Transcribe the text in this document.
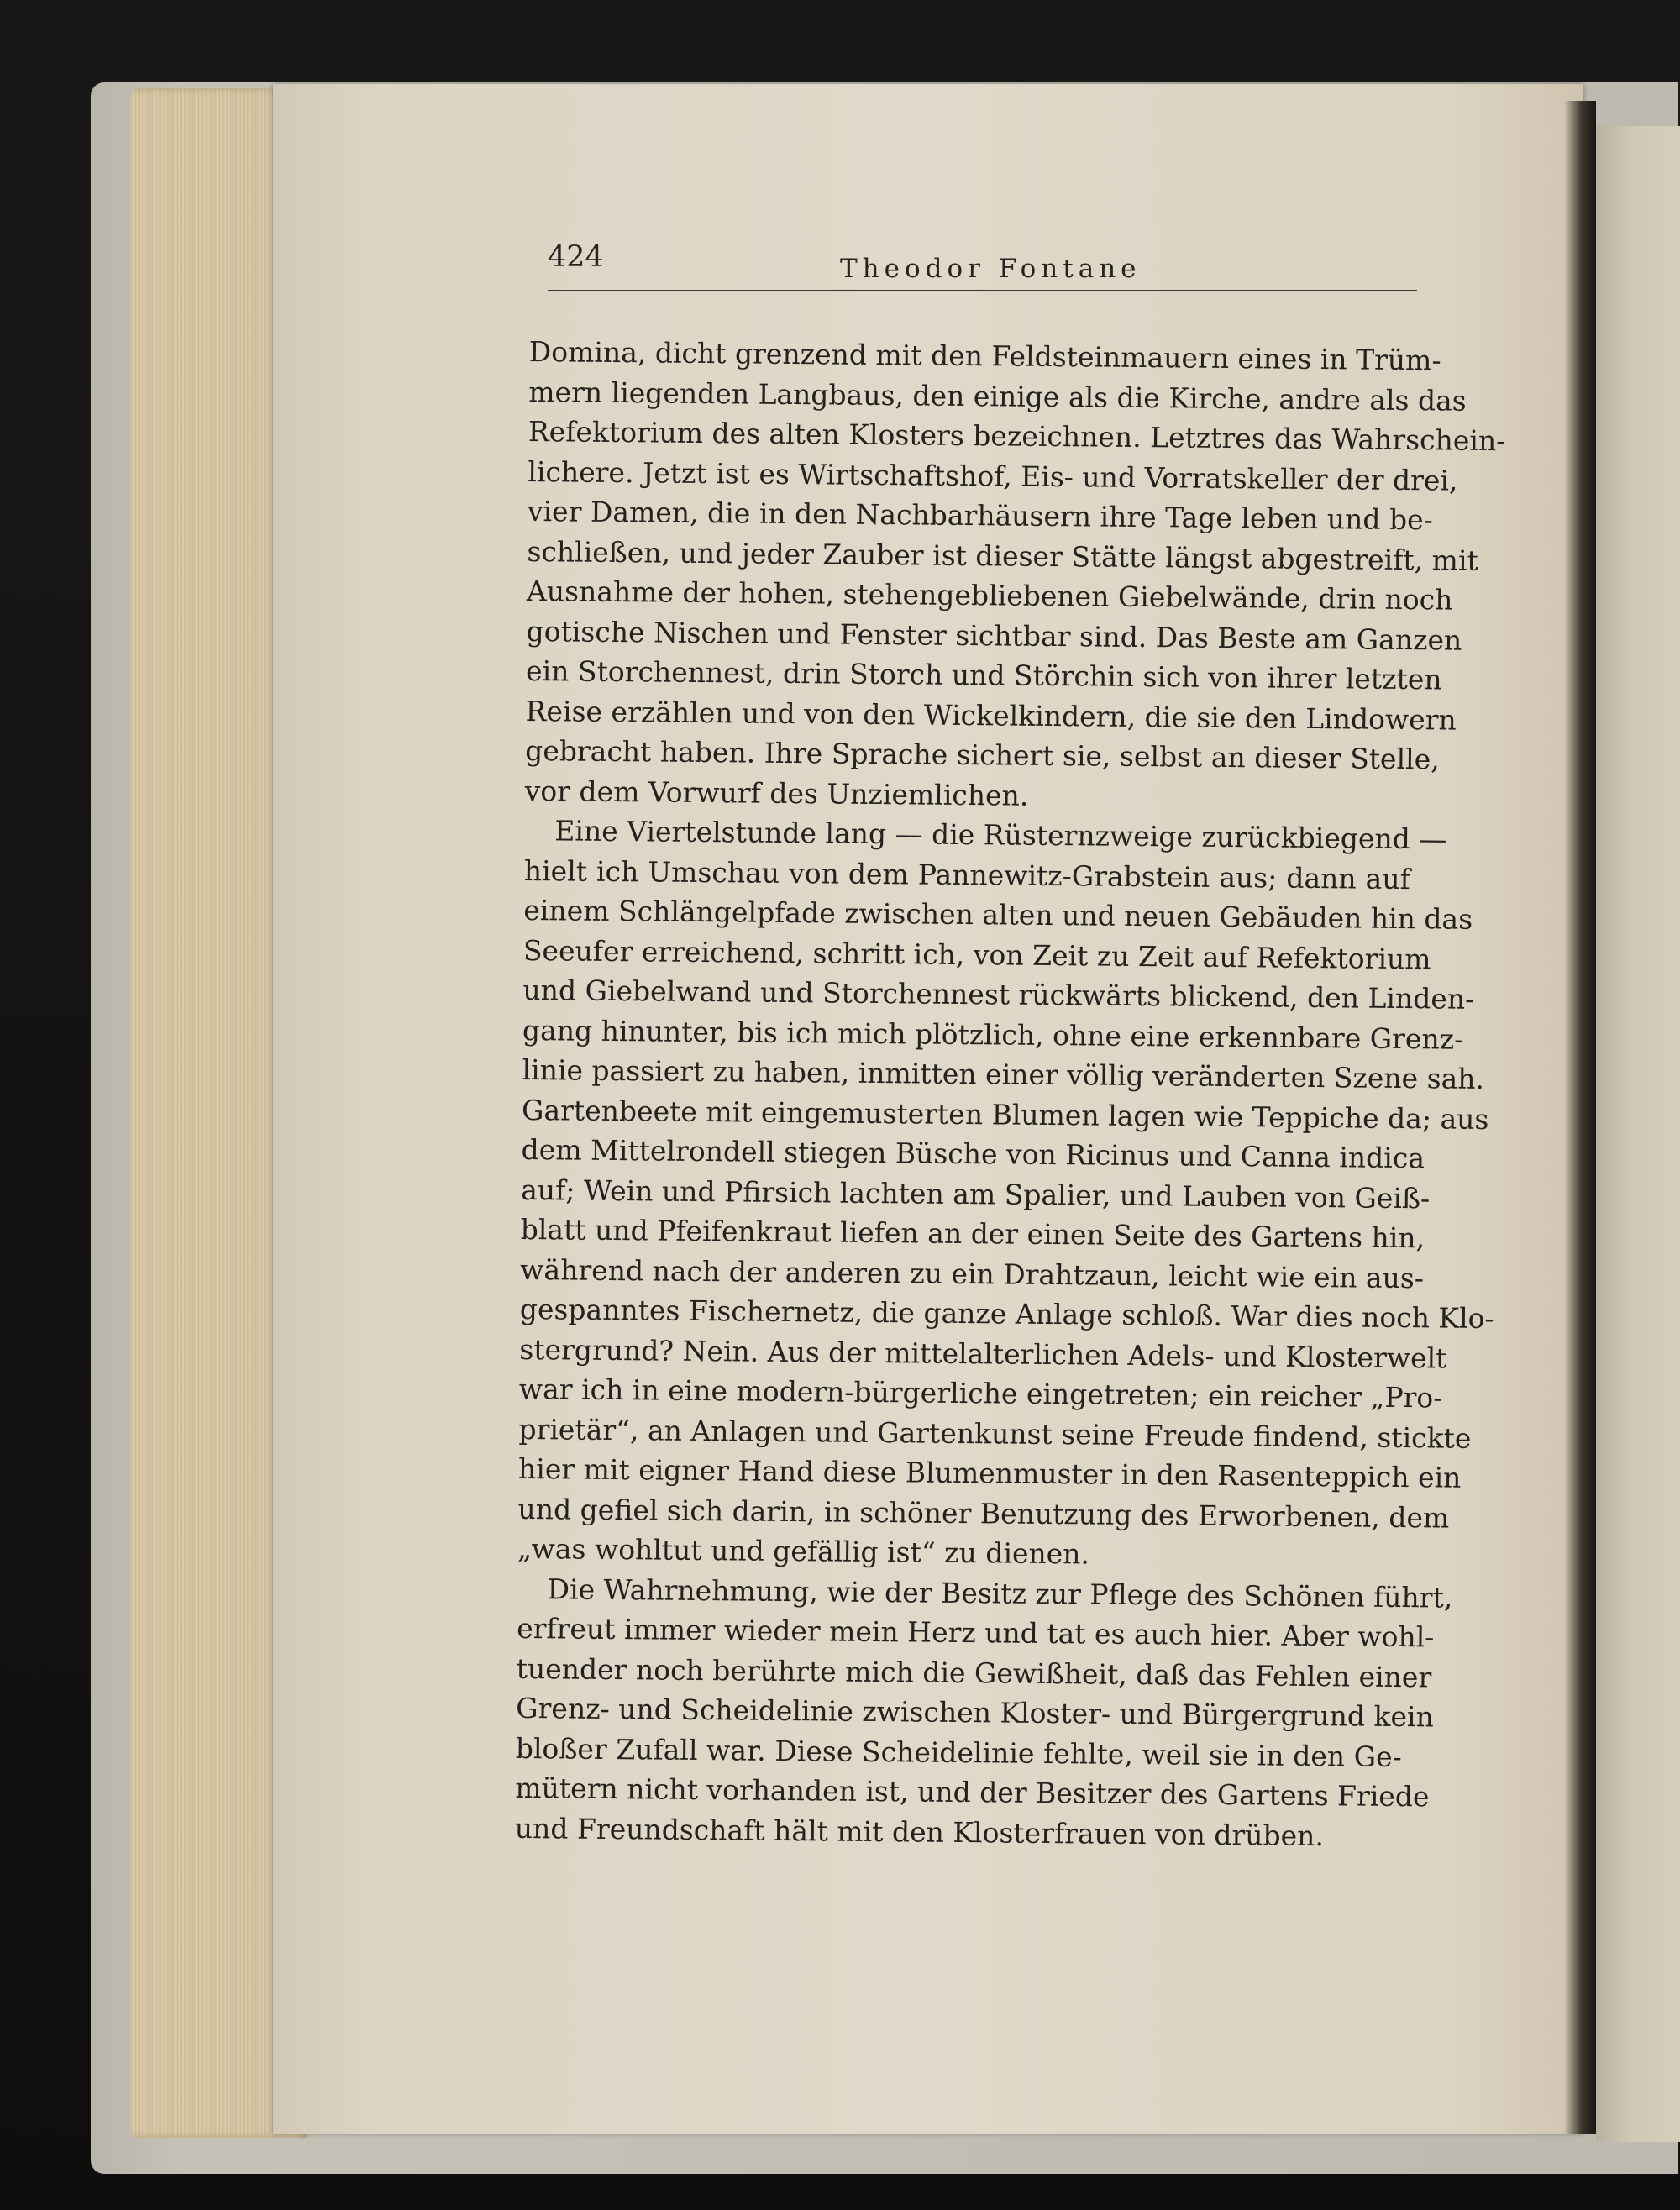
424	Theodor Fontane

Domina, dicht grenzend mit den Feldsteinmauern eines in Trüm-

mern liegenden Langbaus, den einige als die Kirche, andre als das

Refektorium des alten Klosters bezeichnen. Letztres das Wahrschein-

lichere. Jetzt ist es Wirtschaftshof, Eis- und Vorratskeller der drei,

vier Damen, die in den Nachbarhäusern ihre Tage leben und be-

schließen, und jeder Zauber ist dieser Stätte längst abgestreift, mit

Ausnahme der hohen, stehengebliebenen Giebelwände, drin noch

gotische Nischen und Fenster sichtbar sind. Das Beste am Ganzen

ein Storchennest, drin Storch und Störchin sich von ihrer letzten

Reise erzählen und von den Wickelkindern, die sie den Lindowern

gebracht haben. Ihre Sprache sichert sie, selbst an dieser Stelle,

vor dem Vorwurf des Unziemlichen.

Eine Viertelstunde lang — die Rüsternzweige zurückbiegend —

hielt ich Umschau von dem Pannewitz-Grabstein aus; dann auf

einem Schlängelpfade zwischen alten und neuen Gebäuden hin das

Seeufer erreichend, schritt ich, von Zeit zu Zeit auf Refektorium

und Giebelwand und Storchennest rückwärts blickend, den Linden-

gang hinunter, bis ich mich plötzlich, ohne eine erkennbare Grenz-

linie passiert zu haben, inmitten einer völlig veränderten Szene sah.

Gartenbeete mit eingemusterten Blumen lagen wie Teppiche da; aus

dem Mittelrondell stiegen Büsche von Ricinus und Canna indica

auf; Wein und Pfirsich lachten am Spalier, und Lauben von Geiß-

blatt und Pfeifenkraut liefen an der einen Seite des Gartens hin,

während nach der anderen zu ein Drahtzaun, leicht wie ein aus-

gespanntes Fischernetz, die ganze Anlage schloß. War dies noch Klo-

stergrund? Nein. Aus der mittelalterlichen Adels- und Klosterwelt

war ich in eine modern-bürgerliche eingetreten; ein reicher „Pro-

prietär“, an Anlagen und Gartenkunst seine Freude findend, stickte

hier mit eigner Hand diese Blumenmuster in den Rasenteppich ein

und gefiel sich darin, in schöner Benutzung des Erworbenen, dem

„was wohltut und gefällig ist“ zu dienen.

Die Wahrnehmung, wie der Besitz zur Pflege des Schönen führt,

erfreut immer wieder mein Herz und tat es auch hier. Aber wohl-

tuender noch berührte mich die Gewißheit, daß das Fehlen einer

Grenz- und Scheidelinie zwischen Kloster- und Bürgergrund kein

bloßer Zufall war. Diese Scheidelinie fehlte, weil sie in den Ge-

mütern nicht vorhanden ist, und der Besitzer des Gartens Friede

und Freundschaft hält mit den Klosterfrauen von drüben.
